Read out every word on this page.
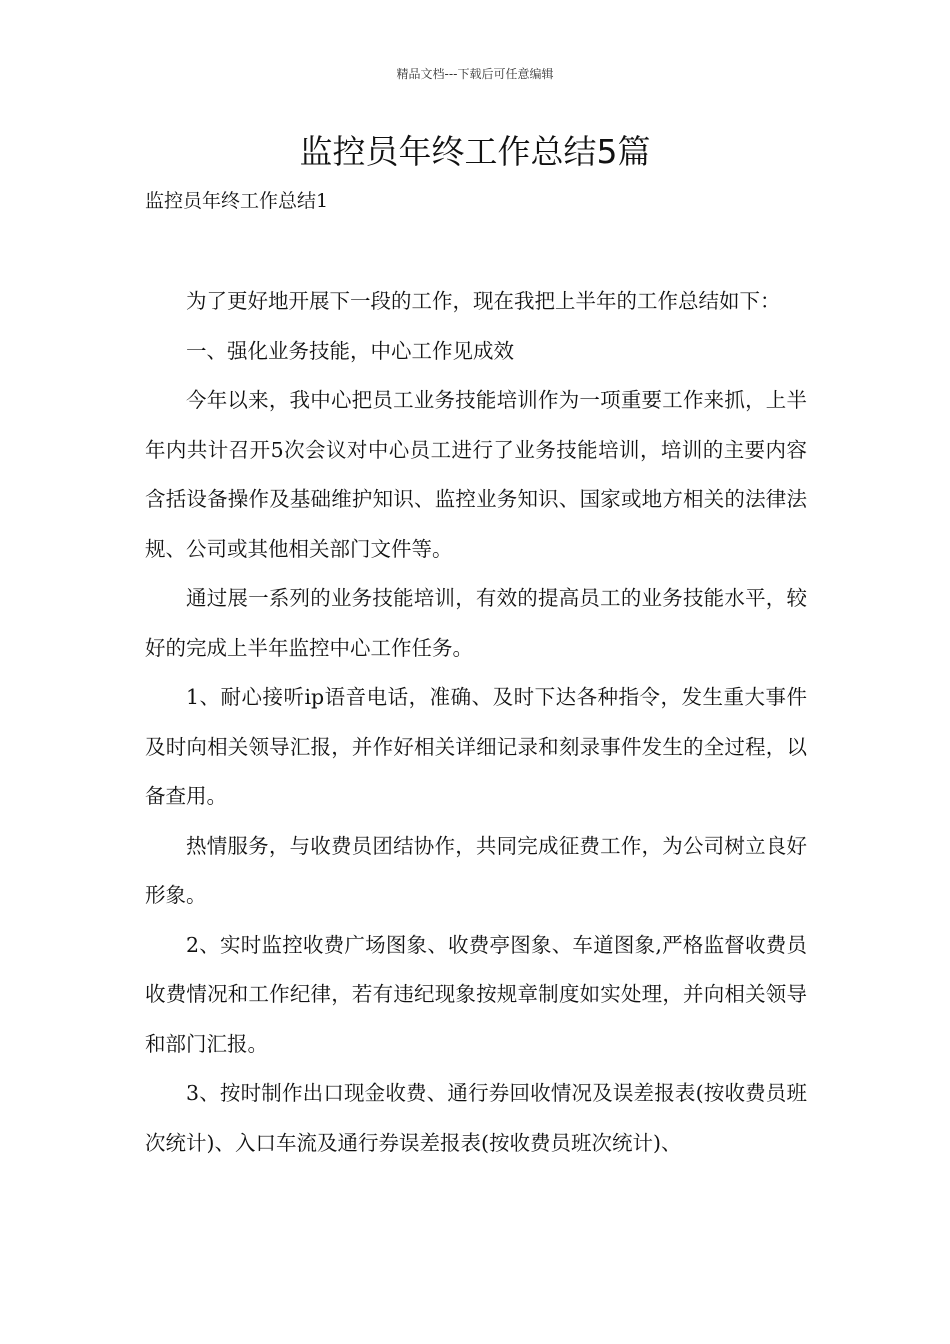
精品文档---下载后可任意编辑
监控员年终工作总结5篇

监控员年终工作总结1

为了更好地开展下一段的工作，现在我把上半年的工作总结如下：

一、强化业务技能，中心工作见成效

今年以来，我中心把员工业务技能培训作为一项重要工作来抓，上半年内共计召开5次会议对中心员工进行了业务技能培训，培训的主要内容含括设备操作及基础维护知识、监控业务知识、国家或地方相关的法律法规、公司或其他相关部门文件等。

通过展一系列的业务技能培训，有效的提高员工的业务技能水平，较好的完成上半年监控中心工作任务。

1、耐心接听ip语音电话，准确、及时下达各种指令，发生重大事件及时向相关领导汇报，并作好相关详细记录和刻录事件发生的全过程，以备查用。

热情服务，与收费员团结协作，共同完成征费工作，为公司树立良好形象。

2、实时监控收费广场图象、收费亭图象、车道图象,严格监督收费员收费情况和工作纪律，若有违纪现象按规章制度如实处理，并向相关领导和部门汇报。

3、按时制作出口现金收费、通行券回收情况及误差报表(按收费员班次统计)、入口车流及通行券误差报表(按收费员班次统计)、
